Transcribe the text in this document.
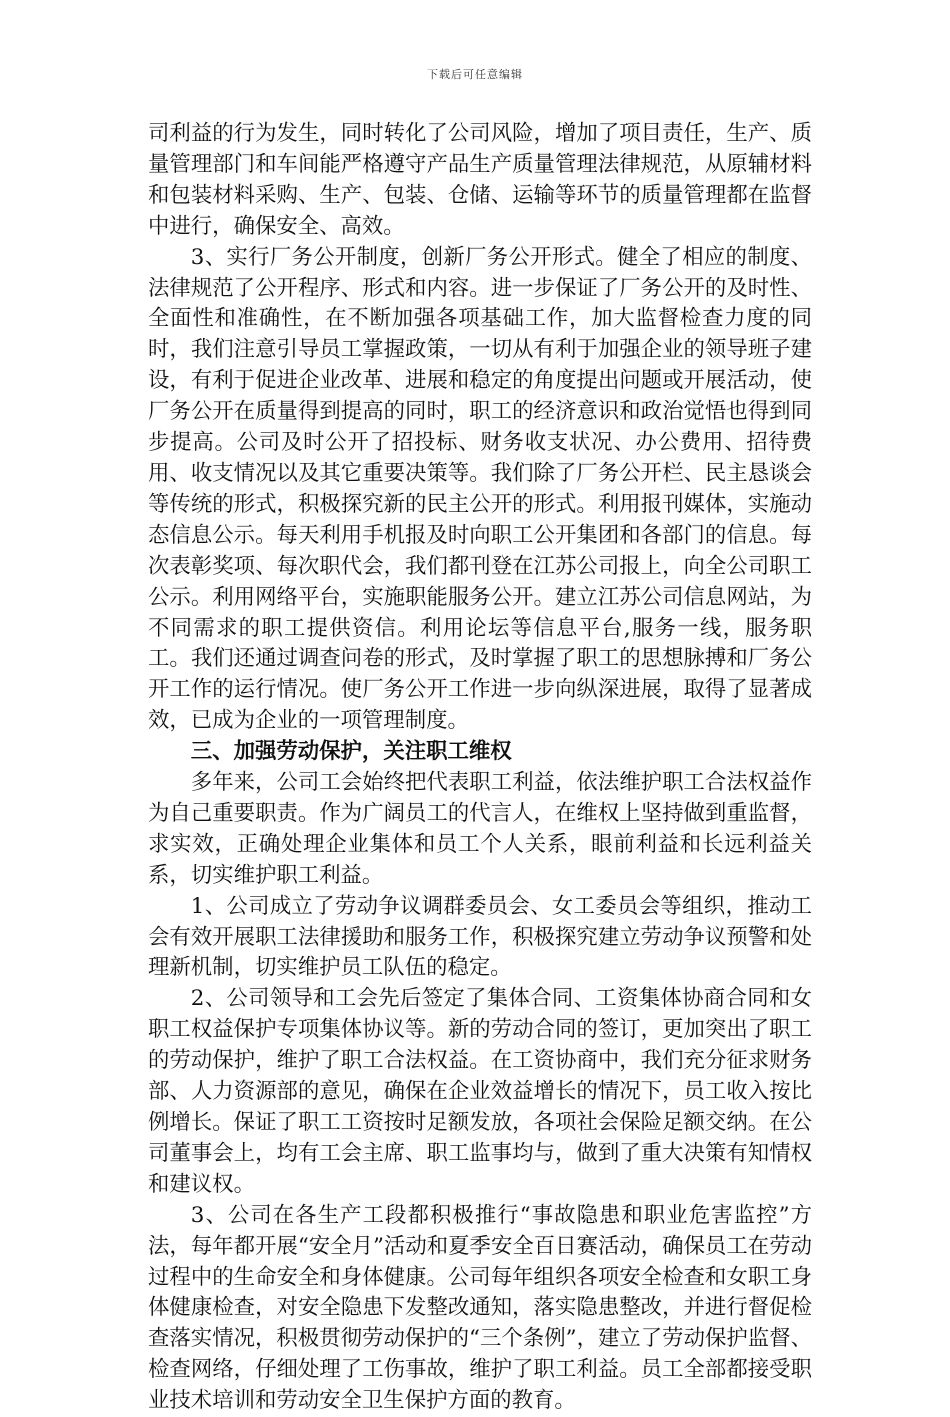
下载后可任意编辑

司利益的行为发生，同时转化了公司风险，增加了项目责任，生产、质量管理部门和车间能严格遵守产品生产质量管理法律规范，从原辅材料和包装材料采购、生产、包装、仓储、运输等环节的质量管理都在监督中进行，确保安全、高效。

3、实行厂务公开制度，创新厂务公开形式。健全了相应的制度、法律规范了公开程序、形式和内容。进一步保证了厂务公开的及时性、全面性和准确性，在不断加强各项基础工作，加大监督检查力度的同时，我们注意引导员工掌握政策，一切从有利于加强企业的领导班子建设，有利于促进企业改革、进展和稳定的角度提出问题或开展活动，使厂务公开在质量得到提高的同时，职工的经济意识和政治觉悟也得到同步提高。公司及时公开了招投标、财务收支状况、办公费用、招待费用、收支情况以及其它重要决策等。我们除了厂务公开栏、民主恳谈会等传统的形式，积极探究新的民主公开的形式。利用报刊媒体，实施动态信息公示。每天利用手机报及时向职工公开集团和各部门的信息。每次表彰奖项、每次职代会，我们都刊登在江苏公司报上，向全公司职工公示。利用网络平台，实施职能服务公开。建立江苏公司信息网站，为不同需求的职工提供资信。利用论坛等信息平台,服务一线，服务职工。我们还通过调查问卷的形式，及时掌握了职工的思想脉搏和厂务公开工作的运行情况。使厂务公开工作进一步向纵深进展，取得了显著成效，已成为企业的一项管理制度。

三、加强劳动保护，关注职工维权

多年来，公司工会始终把代表职工利益，依法维护职工合法权益作为自己重要职责。作为广阔员工的代言人，在维权上坚持做到重监督，求实效，正确处理企业集体和员工个人关系，眼前利益和长远利益关系，切实维护职工利益。

1、公司成立了劳动争议调群委员会、女工委员会等组织，推动工会有效开展职工法律援助和服务工作，积极探究建立劳动争议预警和处理新机制，切实维护员工队伍的稳定。

2、公司领导和工会先后签定了集体合同、工资集体协商合同和女职工权益保护专项集体协议等。新的劳动合同的签订，更加突出了职工的劳动保护，维护了职工合法权益。在工资协商中，我们充分征求财务部、人力资源部的意见，确保在企业效益增长的情况下，员工收入按比例增长。保证了职工工资按时足额发放，各项社会保险足额交纳。在公司董事会上，均有工会主席、职工监事均与，做到了重大决策有知情权和建议权。

3、公司在各生产工段都积极推行“事故隐患和职业危害监控”方法，每年都开展“安全月”活动和夏季安全百日赛活动，确保员工在劳动过程中的生命安全和身体健康。公司每年组织各项安全检查和女职工身体健康检查，对安全隐患下发整改通知，落实隐患整改，并进行督促检查落实情况，积极贯彻劳动保护的“三个条例”，建立了劳动保护监督、检查网络，仔细处理了工伤事故，维护了职工利益。员工全部都接受职业技术培训和劳动安全卫生保护方面的教育。
